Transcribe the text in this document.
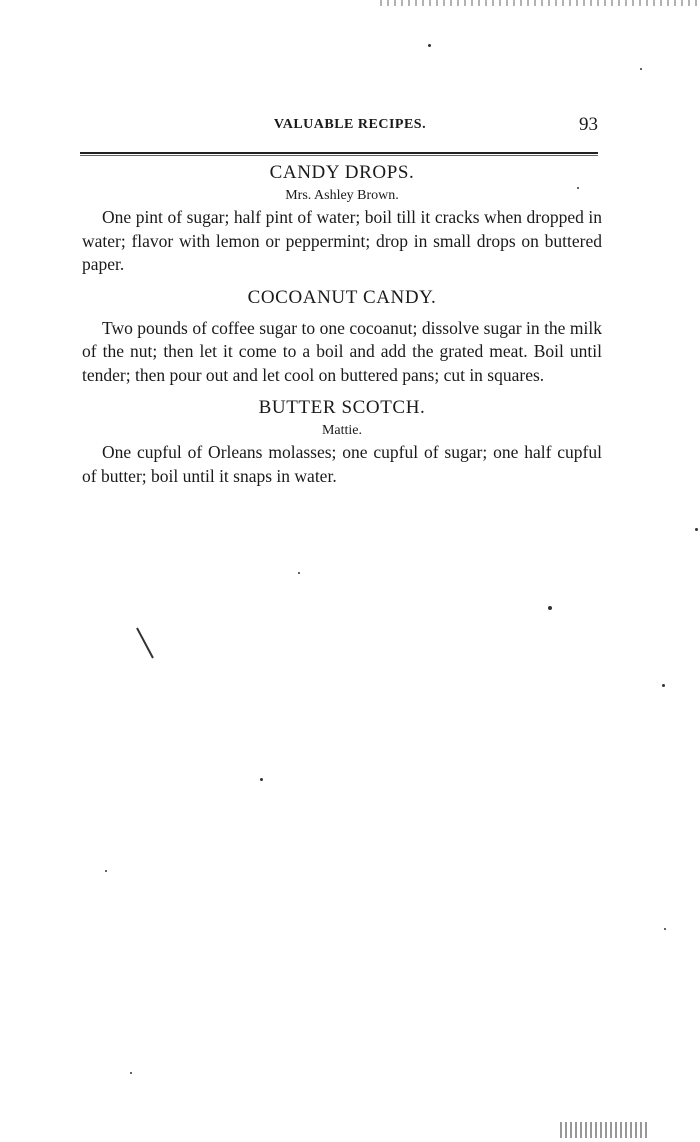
VALUABLE RECIPES.	93
CANDY DROPS.

Mrs. Ashley Brown.

One pint of sugar; half pint of water; boil till it cracks when dropped in water; flavor with lemon or peppermint; drop in small drops on buttered paper.

COCOANUT CANDY.

Two pounds of coffee sugar to one cocoanut; dissolve sugar in the milk of the nut; then let it come to a boil and add the grated meat. Boil until tender; then pour out and let cool on buttered pans; cut in squares.

BUTTER SCOTCH.

Mattie.

One cupful of Orleans molasses; one cupful of sugar; one half cupful of butter; boil until it snaps in water.
